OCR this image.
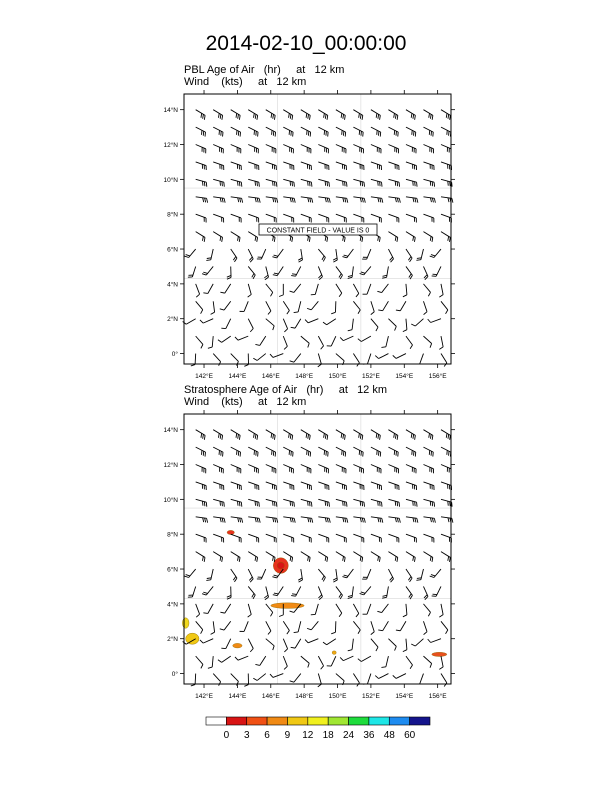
2014-02-10_00:00:00
PBL Age of Air (hr) at 12 km
Wind (kts) at 12 km
Stratosphere Age of Air (hr) at 12 km
Wind (kts) at 12 km
142°E 144°E 146°E 148°E 150°E 152°E 154°E 156°E
14°N
12°N
10°N
8°N
6°N
4°N
2°N
0°
CONSTANT FIELD - VALUE IS 0
142°E 144°E 146°E 148°E 150°E 152°E 154°E 156°E
14°N
12°N
10°N
8°N
6°N
4°N
2°N
0°
0 3 6 9 12 18 24 36 48 60
